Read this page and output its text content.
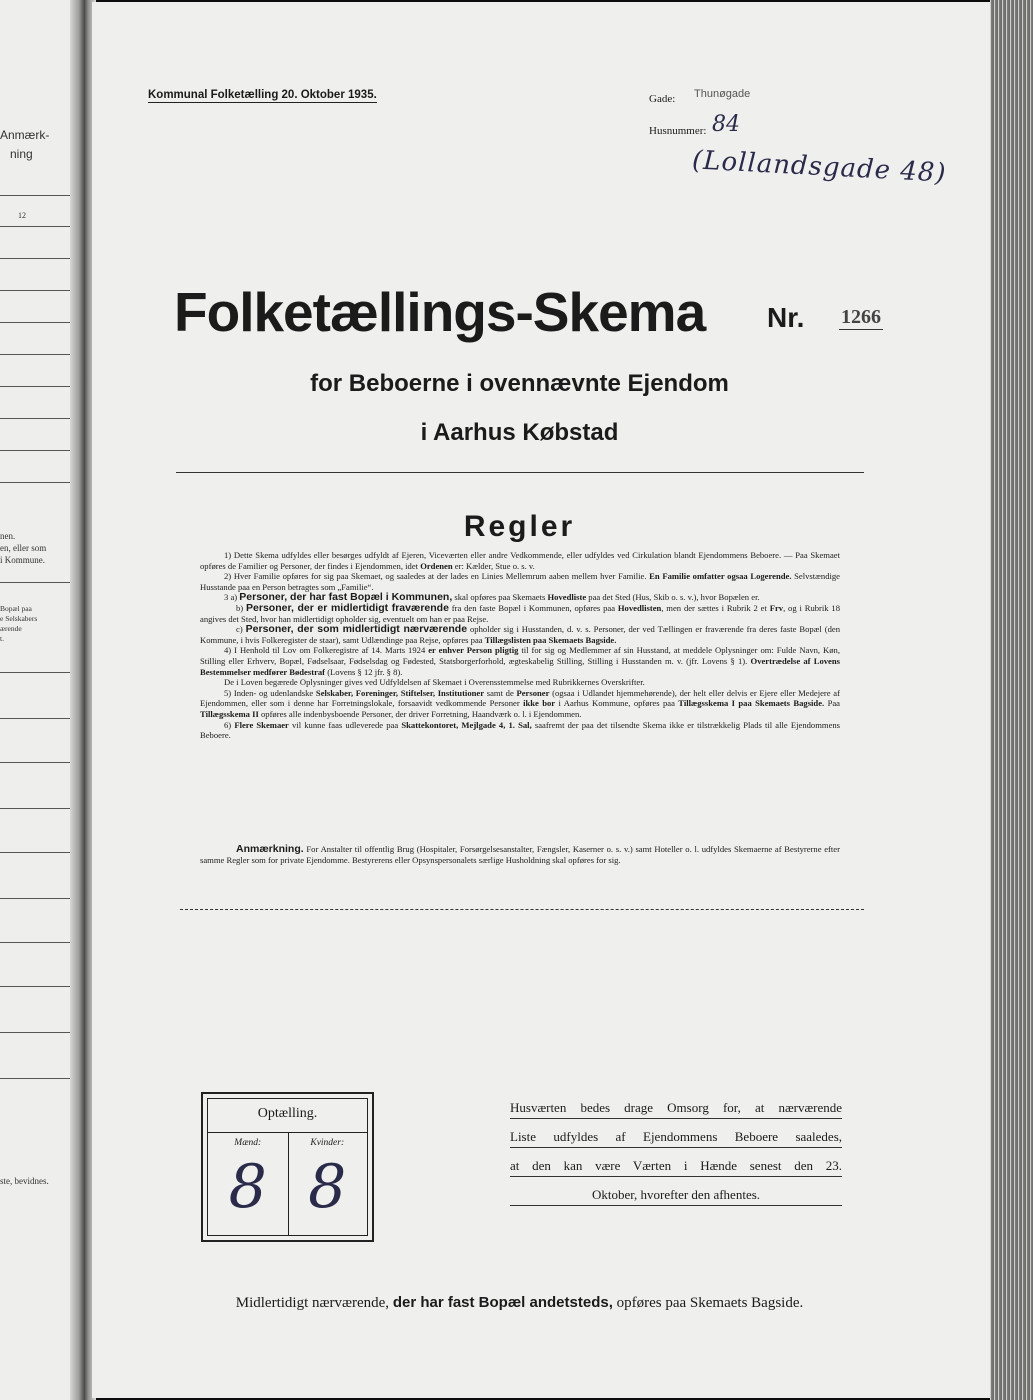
Anmærk-
ning
12
nen.
en, eller som
i Kommune.
Bopæl paa
e Selskabers
ærende
t.
ste, bevidnes.
Kommunal Folketælling 20. Oktober 1935.	Gade: Thunøgade
Husnummer: 84
(Lollandsgade 48)
Folketællings-Skema Nr. 1266
for Beboerne i ovennævnte Ejendom
i Aarhus Købstad
Regler

1) Dette Skema udfyldes eller besørges udfyldt af Ejeren, Viceværten eller andre Vedkommende, eller udfyldes ved Cirkulation blandt Ejendommens Beboere. — Paa Skemaet opføres de Familier og Personer, der findes i Ejendommen, idet Ordenen er: Kælder, Stue o. s. v.

2) Hver Familie opføres for sig paa Skemaet, og saaledes at der lades en Linies Mellemrum aaben mellem hver Familie. En Familie omfatter ogsaa Logerende. Selvstændige Husstande paa en Person betragtes som „Familie“.

3 a) Personer, der har fast Bopæl i Kommunen, skal opføres paa Skemaets Hovedliste paa det Sted (Hus, Skib o. s. v.), hvor Bopælen er.

b) Personer, der er midlertidigt fraværende fra den faste Bopæl i Kommunen, opføres paa Hovedlisten, men der sættes i Rubrik 2 et Frv, og i Rubrik 18 angives det Sted, hvor han midlertidigt opholder sig, eventuelt om han er paa Rejse.

c) Personer, der som midlertidigt nærværende opholder sig i Husstanden, d. v. s. Personer, der ved Tællingen er fraværende fra deres faste Bopæl (den Kommune, i hvis Folkeregister de staar), samt Udlændinge paa Rejse, opføres paa Tillægslisten paa Skemaets Bagside.

4) I Henhold til Lov om Folkeregistre af 14. Marts 1924 er enhver Person pligtig til for sig og Medlemmer af sin Husstand, at meddele Oplysninger om: Fulde Navn, Køn, Stilling eller Erhverv, Bopæl, Fødselsaar, Fødselsdag og Fødested, Statsborgerforhold, ægteskabelig Stilling, Stilling i Husstanden m. v. (jfr. Lovens § 1). Overtrædelse af Lovens Bestemmelser medfører Bødestraf (Lovens § 12 jfr. § 8).

De i Loven begærede Oplysninger gives ved Udfyldelsen af Skemaet i Overensstemmelse med Rubrikkernes Overskrifter.

5) Inden- og udenlandske Selskaber, Foreninger, Stiftelser, Institutioner samt de Personer (ogsaa i Udlandet hjemmehørende), der helt eller delvis er Ejere eller Medejere af Ejendommen, eller som i denne har Forretningslokale, forsaavidt vedkommende Personer ikke bor i Aarhus Kommune, opføres paa Tillægsskema I paa Skemaets Bagside. Paa Tillægsskema II opføres alle indenbysboende Personer, der driver Forretning, Haandværk o. l. i Ejendommen.

6) Flere Skemaer vil kunne faas udleverede paa Skattekontoret, Mejlgade 4, 1. Sal, saafremt der paa det tilsendte Skema ikke er tilstrækkelig Plads til alle Ejendommens Beboere.

Anmærkning. For Anstalter til offentlig Brug (Hospitaler, Forsørgelsesanstalter, Fængsler, Kaserner o. s. v.) samt Hoteller o. l. udfyldes Skemaerne af Bestyrerne efter samme Regler som for private Ejendomme. Bestyrerens eller Opsynspersonalets særlige Husholdning skal opføres for sig.

Optælling.
Mænd:	Kvinder:
8 8
Husværten bedes drage Omsorg for, at nærværende
Liste udfyldes af Ejendommens Beboere saaledes,
at den kan være Værten i Hænde senest den 23.
Oktober, hvorefter den afhentes.
Midlertidigt nærværende, der har fast Bopæl andetsteds, opføres paa Skemaets Bagside.
